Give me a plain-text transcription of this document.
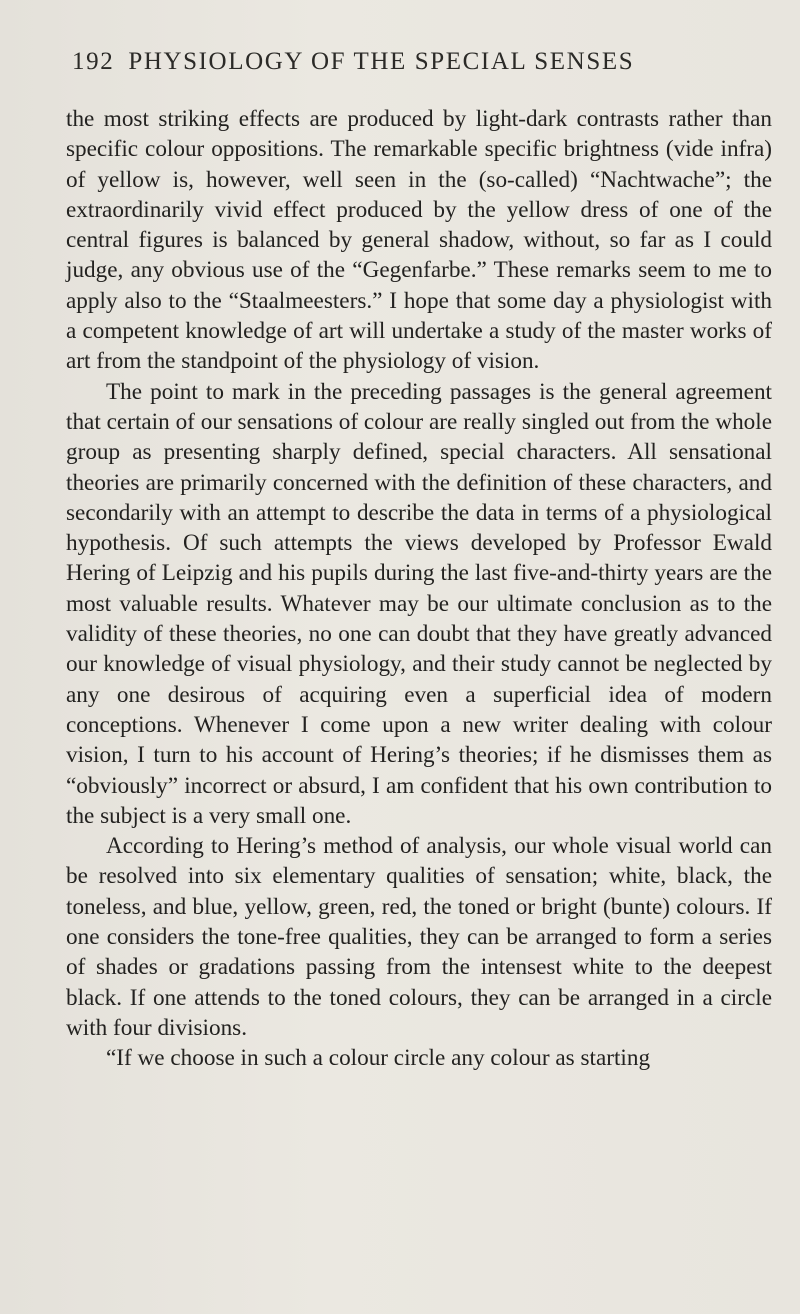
192 PHYSIOLOGY OF THE SPECIAL SENSES

the most striking effects are produced by light-dark contrasts rather than specific colour oppositions. The remarkable specific brightness (vide infra) of yellow is, however, well seen in the (so-called) “Nachtwache”; the extraordinarily vivid effect produced by the yellow dress of one of the central figures is balanced by general shadow, without, so far as I could judge, any obvious use of the “Gegenfarbe.” These remarks seem to me to apply also to the “Staalmeesters.” I hope that some day a physiologist with a competent knowledge of art will undertake a study of the master works of art from the standpoint of the physiology of vision.

The point to mark in the preceding passages is the general agreement that certain of our sensations of colour are really singled out from the whole group as presenting sharply defined, special characters. All sensational theories are primarily concerned with the definition of these characters, and secondarily with an attempt to describe the data in terms of a physiological hypothesis. Of such attempts the views developed by Professor Ewald Hering of Leipzig and his pupils during the last five-and-thirty years are the most valuable results. Whatever may be our ultimate conclusion as to the validity of these theories, no one can doubt that they have greatly advanced our knowledge of visual physiology, and their study cannot be neglected by any one desirous of acquiring even a superficial idea of modern conceptions. Whenever I come upon a new writer dealing with colour vision, I turn to his account of Hering’s theories; if he dismisses them as “obviously” incorrect or absurd, I am confident that his own contribution to the subject is a very small one.

According to Hering’s method of analysis, our whole visual world can be resolved into six elementary qualities of sensation; white, black, the toneless, and blue, yellow, green, red, the toned or bright (bunte) colours. If one considers the tone-free qualities, they can be arranged to form a series of shades or gradations passing from the intensest white to the deepest black. If one attends to the toned colours, they can be arranged in a circle with four divisions.

“If we choose in such a colour circle any colour as starting
